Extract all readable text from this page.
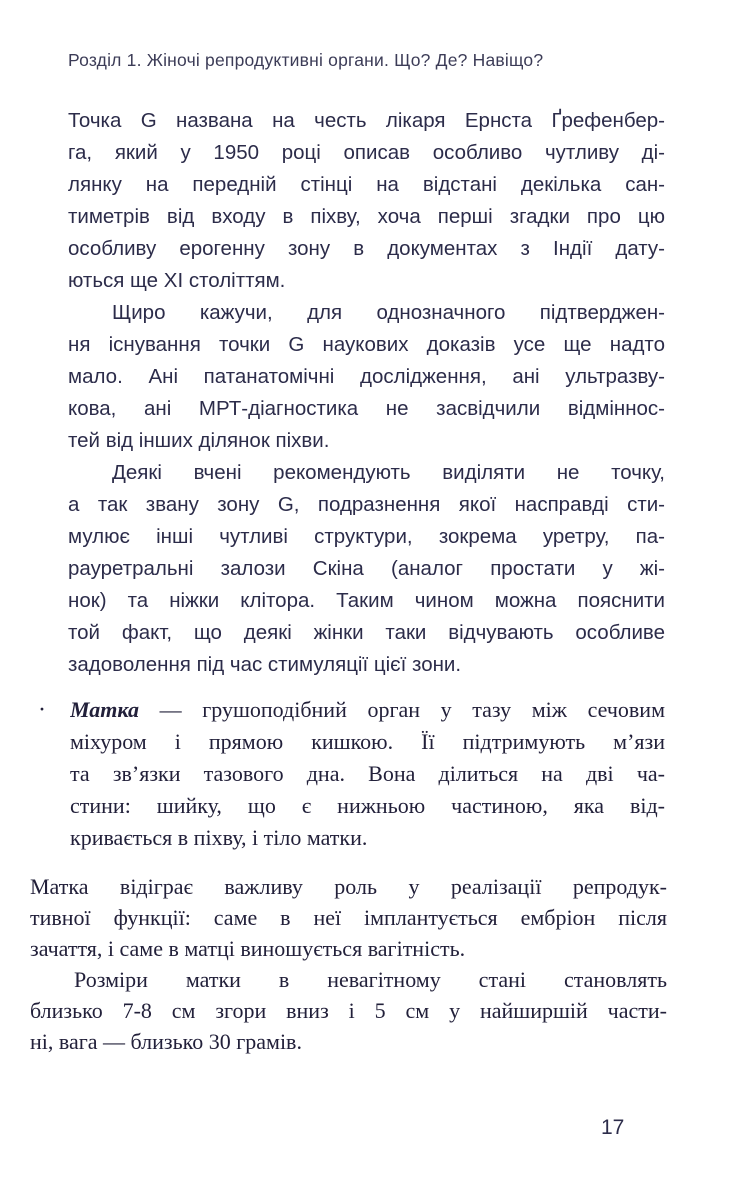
Розділ 1. Жіночі репродуктивні органи. Що? Де? Навіщо?
Точка G названа на честь лікаря Ернста Ґрефенбер-
га, який у 1950 році описав особливо чутливу ді-
лянку на передній стінці на відстані декілька сан-
тиметрів від входу в піхву, хоча перші згадки про цю
особливу ерогенну зону в документах з Індії дату-
ються ще XI століттям.
Щиро кажучи, для однозначного підтверджен-
ня існування точки G наукових доказів усе ще надто
мало. Ані патанатомічні дослідження, ані ультразву-
кова, ані МРТ-діагностика не засвідчили відміннос-
тей від інших ділянок піхви.
Деякі вчені рекомендують виділяти не точку,
а так звану зону G, подразнення якої насправді сти-
мулює інші чутливі структури, зокрема уретру, па-
рауретральні залози Скіна (аналог простати у жі-
нок) та ніжки клітора. Таким чином можна пояснити
той факт, що деякі жінки таки відчувають особливе
задоволення під час стимуляції цієї зони.
·	Матка — грушоподібний орган у тазу між сечовим
міхуром і прямою кишкою. Її підтримують м’язи
та зв’язки тазового дна. Вона ділиться на дві ча-
стини: шийку, що є нижньою частиною, яка від-
кривається в піхву, і тіло матки.
Матка відіграє важливу роль у реалізації репродук-
тивної функції: саме в неї імплантується ембріон після
зачаття, і саме в матці виношується вагітність.
Розміри матки в невагітному стані становлять
близько 7-8 см згори вниз і 5 см у найширшій части-
ні, вага — близько 30 грамів.
17
